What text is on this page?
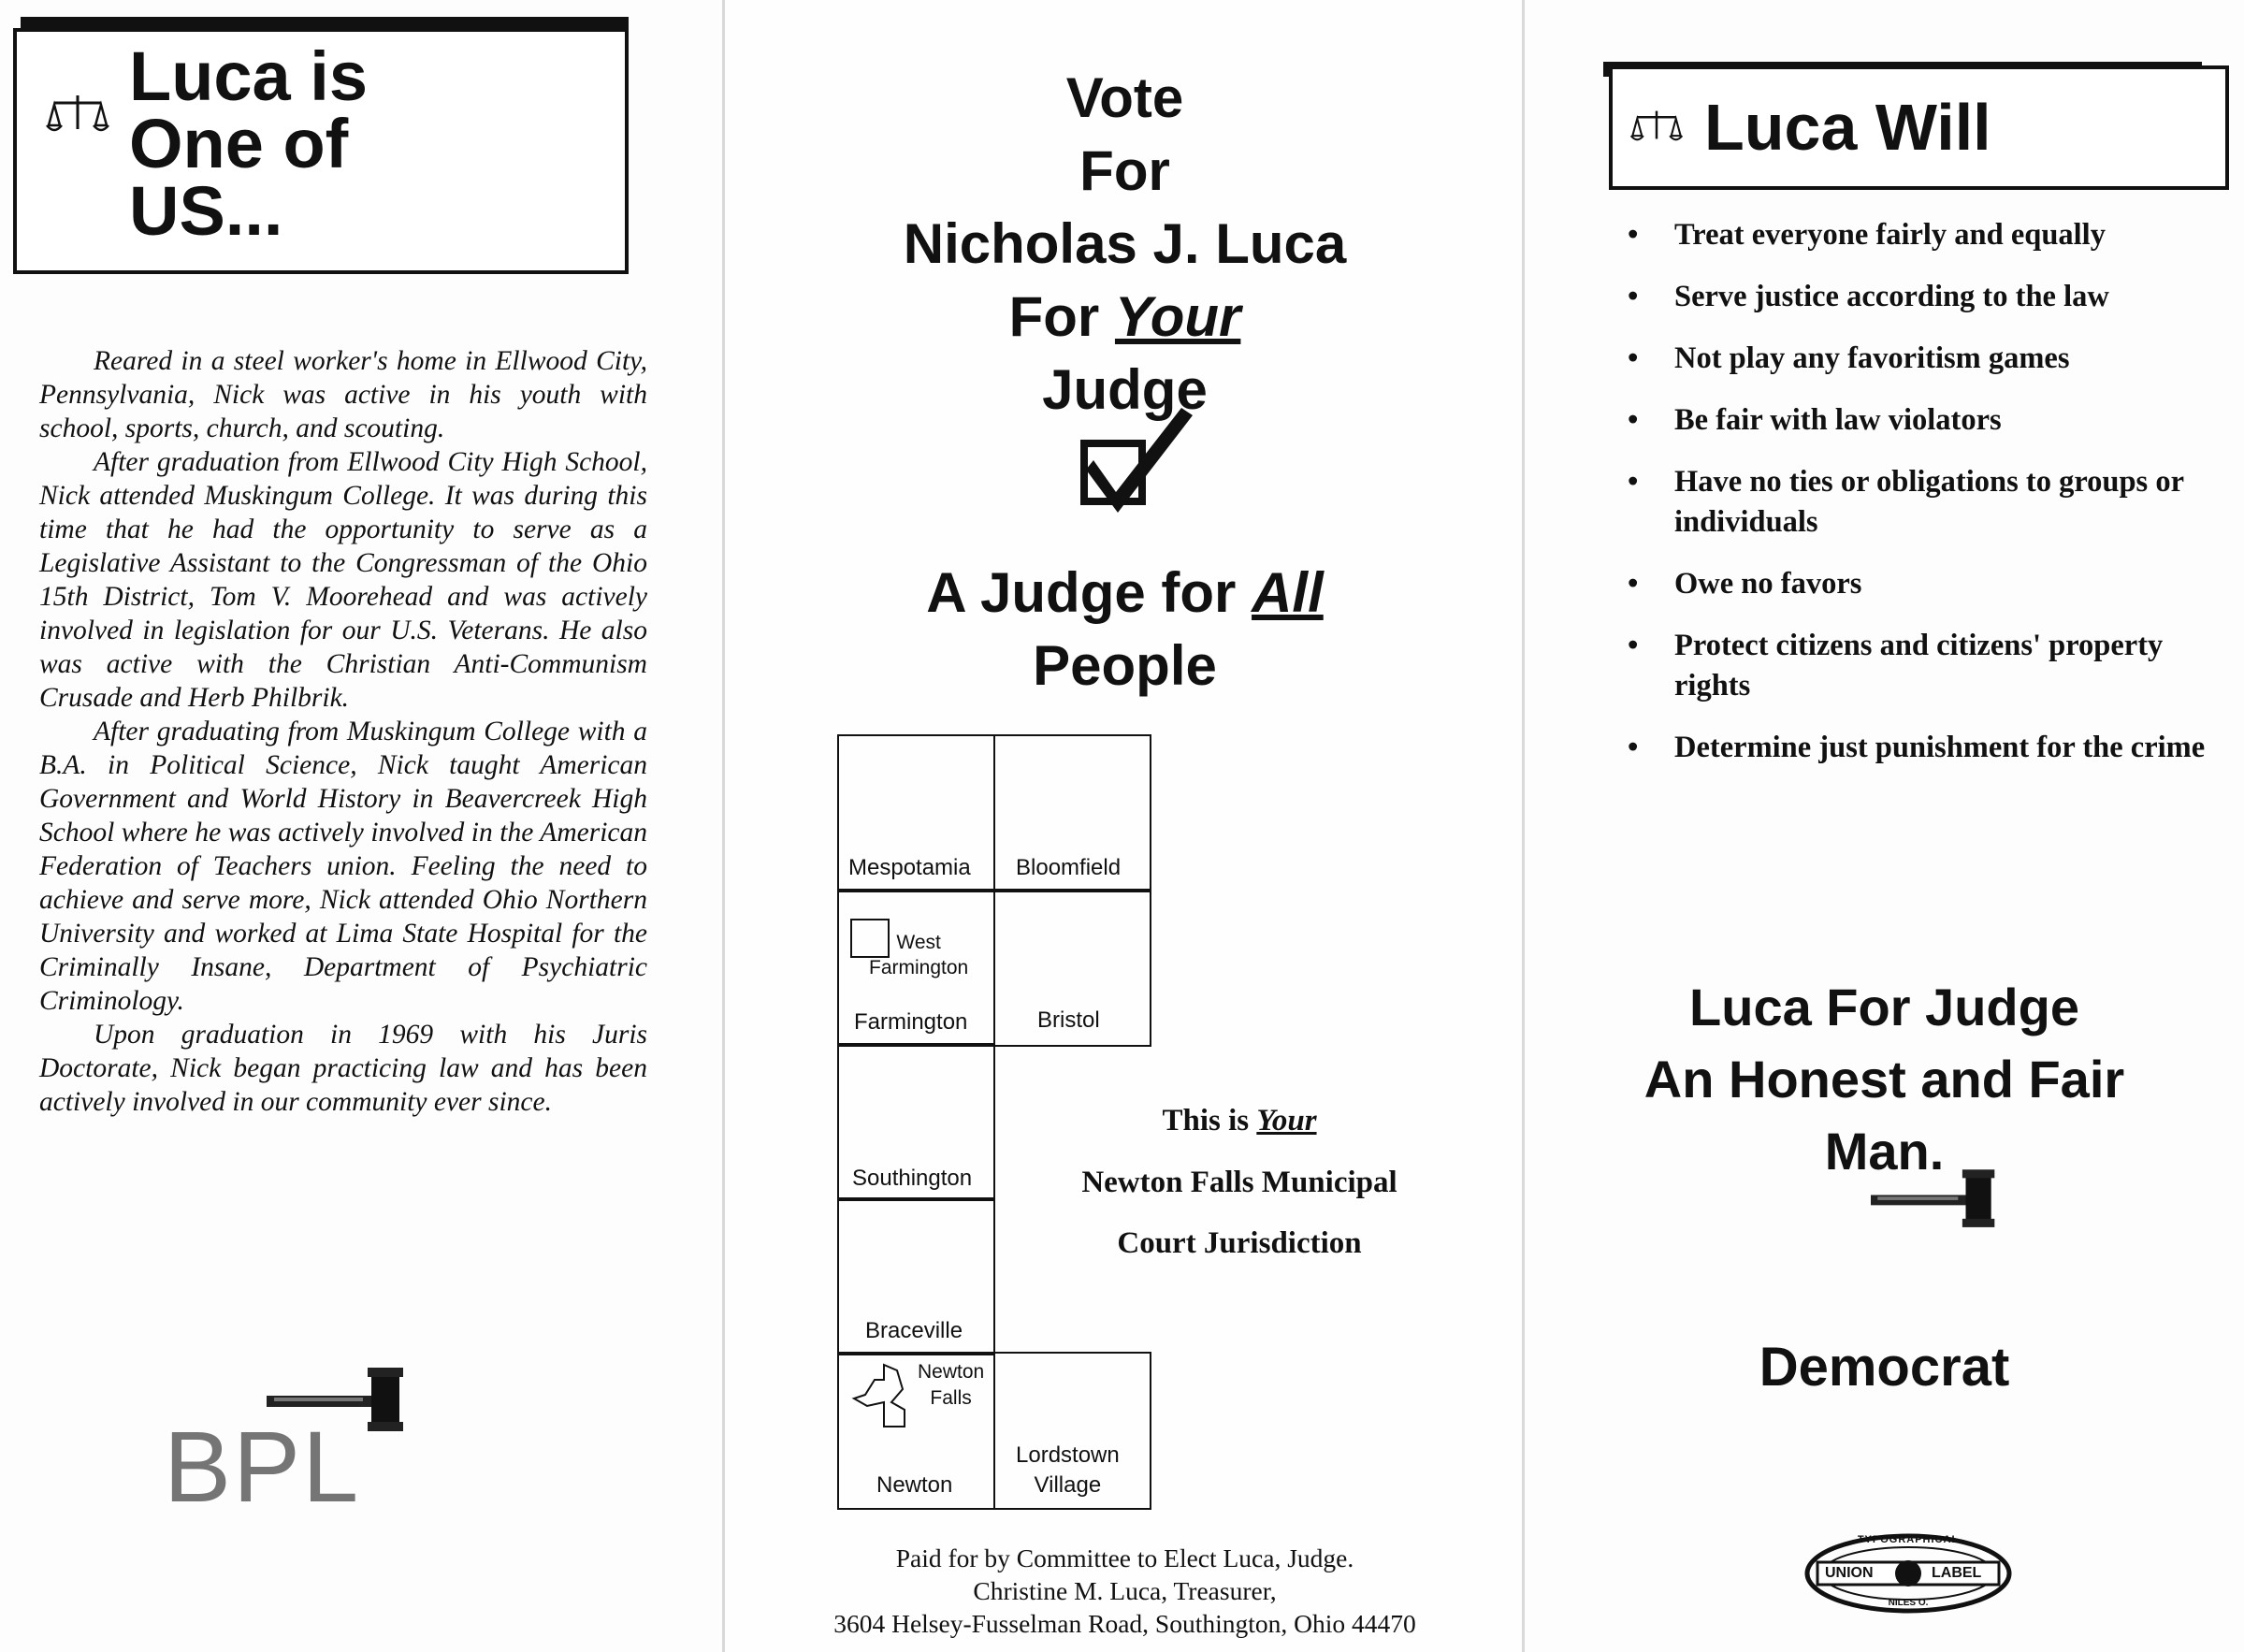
Luca is
One of
US...

Reared in a steel worker's home in Ellwood City, Pennsylvania, Nick was active in his youth with school, sports, church, and scouting.

After graduation from Ellwood City High School, Nick attended Muskingum College. It was during this time that he had the opportunity to serve as a Legislative Assistant to the Congressman of the Ohio 15th District, Tom V. Moorehead and was actively involved in legislation for our U.S. Veterans. He also was active with the Christian Anti-Communism Crusade and Herb Philbrik.

After graduating from Muskingum College with a B.A. in Political Science, Nick taught American Government and World History in Beavercreek High School where he was actively involved in the American Federation of Teachers union. Feeling the need to achieve and serve more, Nick attended Ohio Northern University and worked at Lima State Hospital for the Criminally Insane, Department of Psychiatric Criminology.

Upon graduation in 1969 with his Juris Doctorate, Nick began practicing law and has been actively involved in our community ever since.

BPL
Vote
For
Nicholas J. Luca
For Your
Judge
A Judge for All
People
Mespotamia Bloomfield
West
Farmington
Farmington	Bristol
Southington
Braceville
Newton
Falls
Newton
Lordstown
Village
This is Your
Newton Falls Municipal
Court Jurisdiction
Paid for by Committee to Elect Luca, Judge.
Christine M. Luca, Treasurer,
3604 Helsey-Fusselman Road, Southington, Ohio 44470
Luca Will
• Treat everyone fairly and equally
• Serve justice according to the law
• Not play any favoritism games
• Be fair with law violators
• Have no ties or obligations to groups or individuals
• Owe no favors
• Protect citizens and citizens' property rights
• Determine just punishment for the crime
Luca For Judge
An Honest and Fair
Man.
Democrat
TYPOGRAPHICAL
UNION	LABEL
NILES O.
